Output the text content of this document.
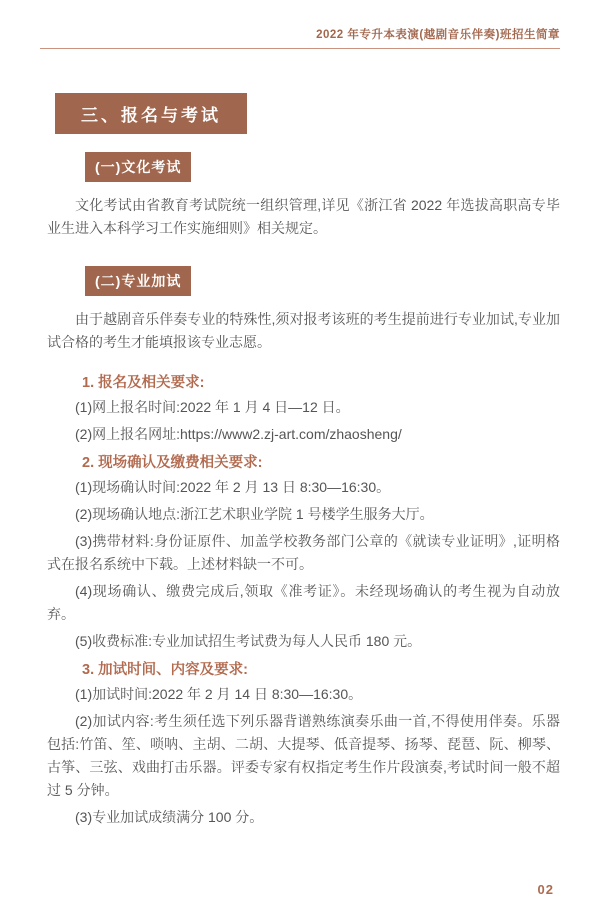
2022 年专升本表演(越剧音乐伴奏)班招生简章
三、报名与考试
(一)文化考试

文化考试由省教育考试院统一组织管理,详见《浙江省 2022 年选拔高职高专毕业生进入本科学习工作实施细则》相关规定。

(二)专业加试

由于越剧音乐伴奏专业的特殊性,须对报考该班的考生提前进行专业加试,专业加试合格的考生才能填报该专业志愿。

1. 报名及相关要求:

(1)网上报名时间:2022 年 1 月 4 日—12 日。

(2)网上报名网址:https://www2.zj-art.com/zhaosheng/

2. 现场确认及缴费相关要求:

(1)现场确认时间:2022 年 2 月 13 日 8:30—16:30。

(2)现场确认地点:浙江艺术职业学院 1 号楼学生服务大厅。

(3)携带材料:身份证原件、加盖学校教务部门公章的《就读专业证明》,证明格式在报名系统中下载。上述材料缺一不可。

(4)现场确认、缴费完成后,领取《准考证》。未经现场确认的考生视为自动放弃。

(5)收费标准:专业加试招生考试费为每人人民币 180 元。

3. 加试时间、内容及要求:

(1)加试时间:2022 年 2 月 14 日 8:30—16:30。

(2)加试内容:考生须任选下列乐器背谱熟练演奏乐曲一首,不得使用伴奏。乐器包括:竹笛、笙、唢呐、主胡、二胡、大提琴、低音提琴、扬琴、琵琶、阮、柳琴、古筝、三弦、戏曲打击乐器。评委专家有权指定考生作片段演奏,考试时间一般不超过 5 分钟。

(3)专业加试成绩满分 100 分。

02
